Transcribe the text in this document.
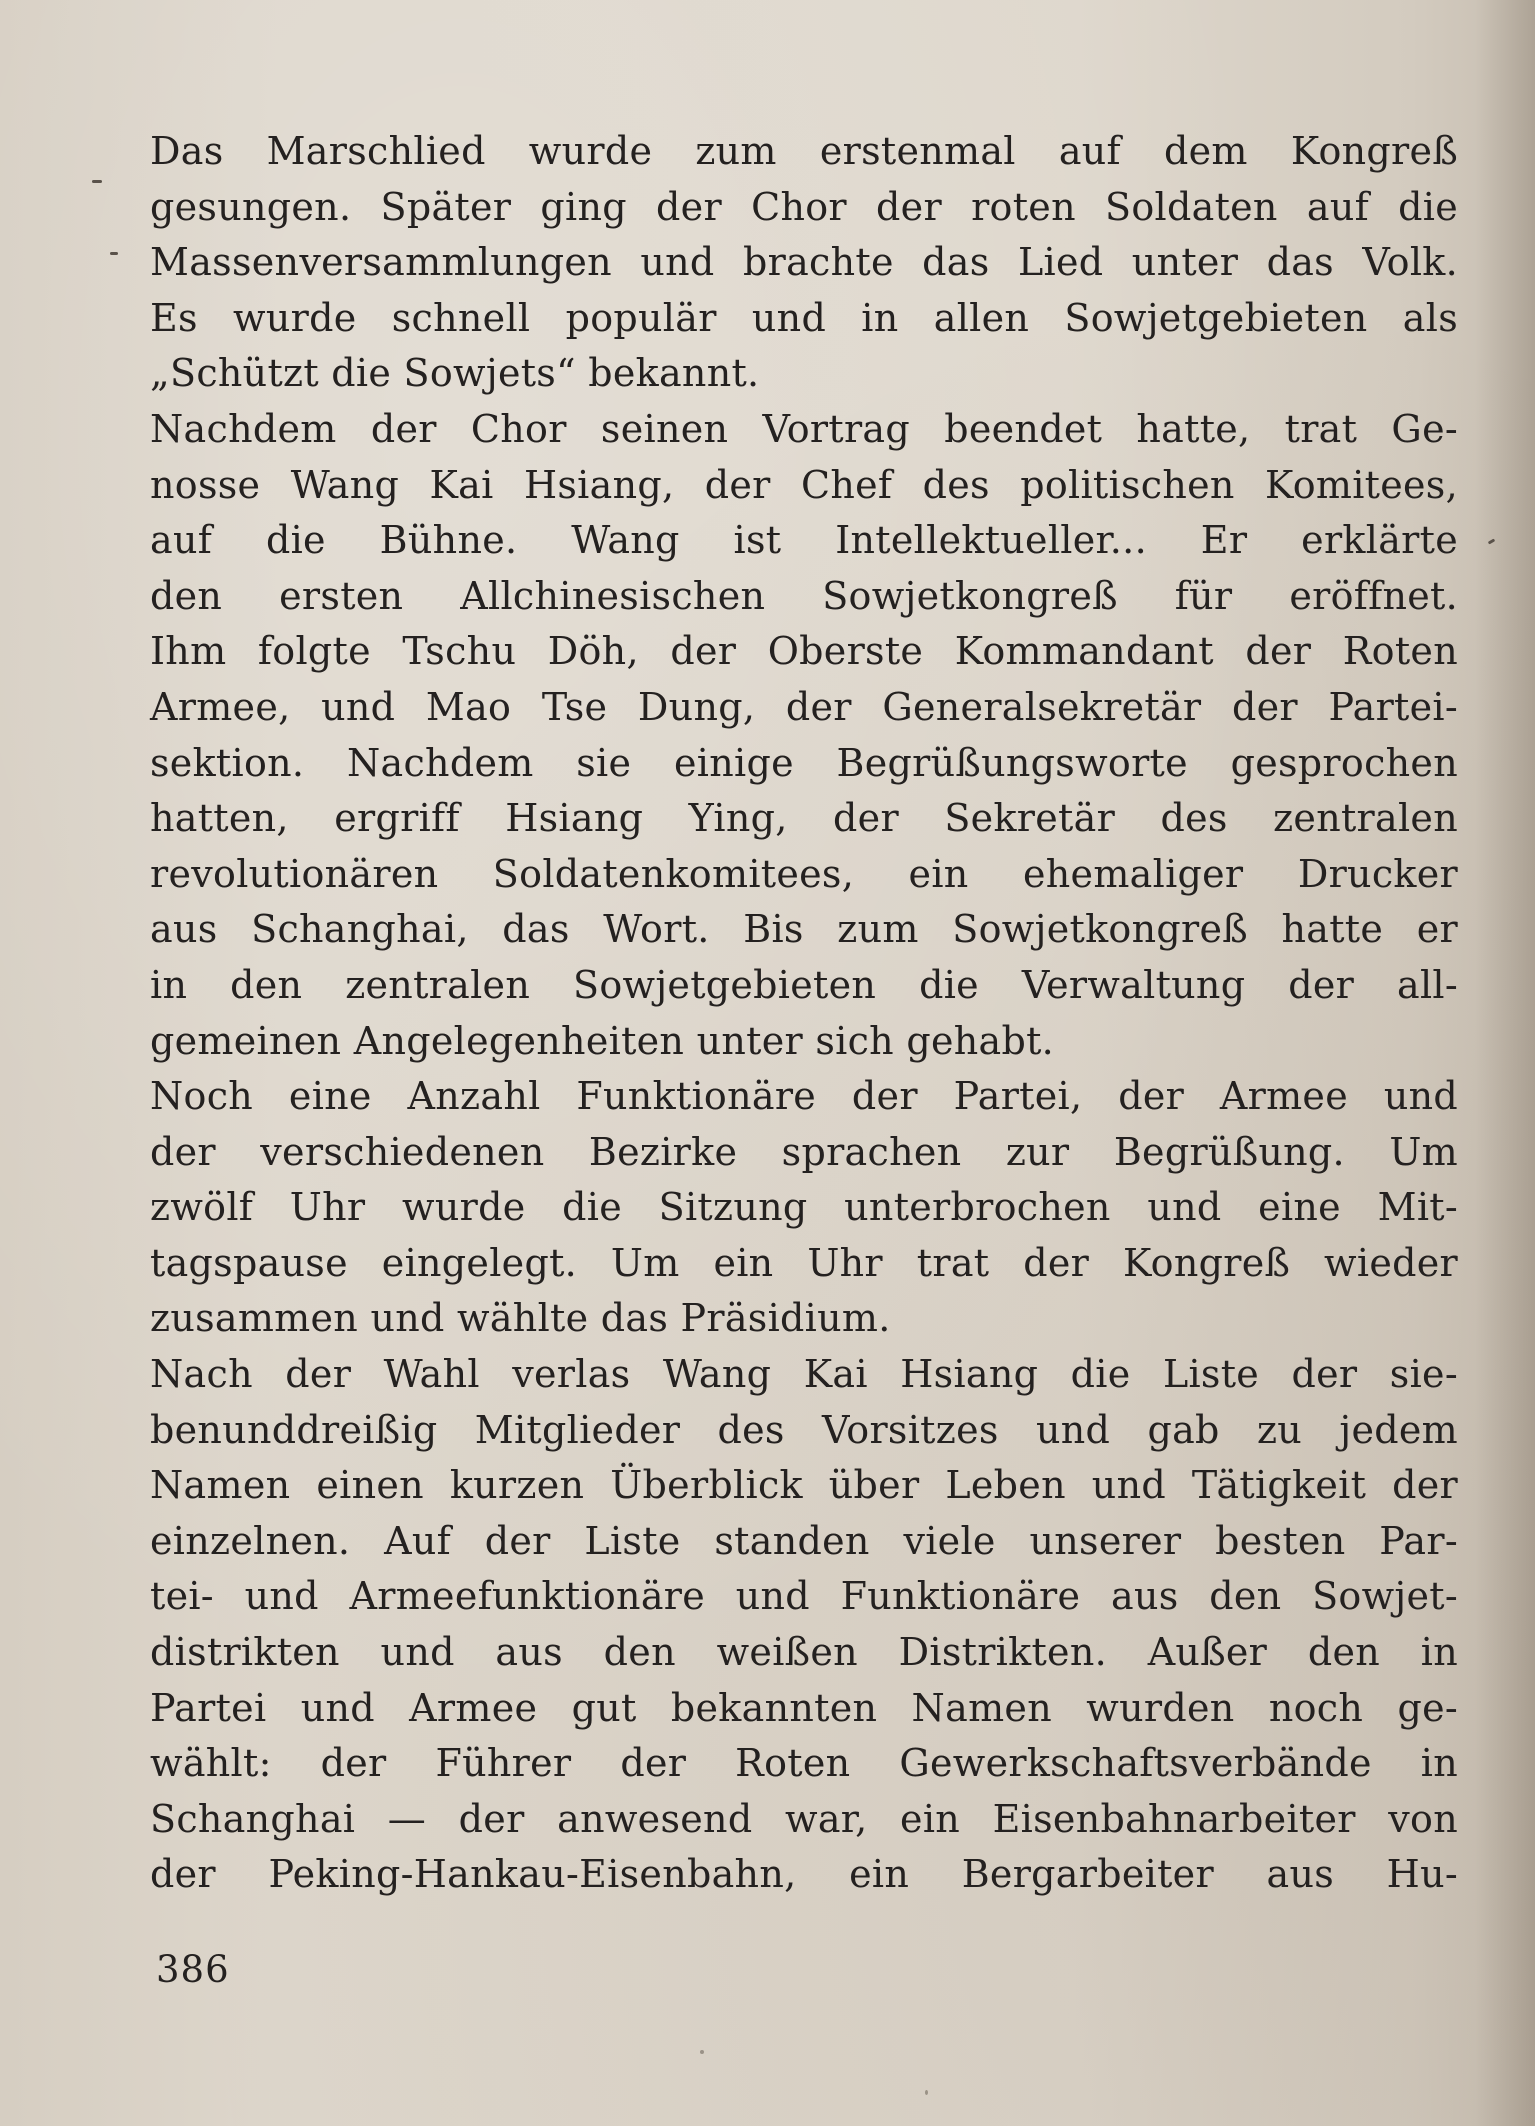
Das Marschlied wurde zum erstenmal auf dem Kongreß
gesungen. Später ging der Chor der roten Soldaten auf die
Massenversammlungen und brachte das Lied unter das Volk.
Es wurde schnell populär und in allen Sowjetgebieten als
„Schützt die Sowjets“ bekannt.
Nachdem der Chor seinen Vortrag beendet hatte, trat Ge-
nosse Wang Kai Hsiang, der Chef des politischen Komitees,
auf die Bühne. Wang ist Intellektueller... Er erklärte
den ersten Allchinesischen Sowjetkongreß für eröffnet.
Ihm folgte Tschu Döh, der Oberste Kommandant der Roten
Armee, und Mao Tse Dung, der Generalsekretär der Partei-
sektion. Nachdem sie einige Begrüßungsworte gesprochen
hatten, ergriff Hsiang Ying, der Sekretär des zentralen
revolutionären Soldatenkomitees, ein ehemaliger Drucker
aus Schanghai, das Wort. Bis zum Sowjetkongreß hatte er
in den zentralen Sowjetgebieten die Verwaltung der all-
gemeinen Angelegenheiten unter sich gehabt.
Noch eine Anzahl Funktionäre der Partei, der Armee und
der verschiedenen Bezirke sprachen zur Begrüßung. Um
zwölf Uhr wurde die Sitzung unterbrochen und eine Mit-
tagspause eingelegt. Um ein Uhr trat der Kongreß wieder
zusammen und wählte das Präsidium.
Nach der Wahl verlas Wang Kai Hsiang die Liste der sie-
benunddreißig Mitglieder des Vorsitzes und gab zu jedem
Namen einen kurzen Überblick über Leben und Tätigkeit der
einzelnen. Auf der Liste standen viele unserer besten Par-
tei- und Armeefunktionäre und Funktionäre aus den Sowjet-
distrikten und aus den weißen Distrikten. Außer den in
Partei und Armee gut bekannten Namen wurden noch ge-
wählt: der Führer der Roten Gewerkschaftsverbände in
Schanghai — der anwesend war, ein Eisenbahnarbeiter von
der Peking-Hankau-Eisenbahn, ein Bergarbeiter aus Hu-
386
